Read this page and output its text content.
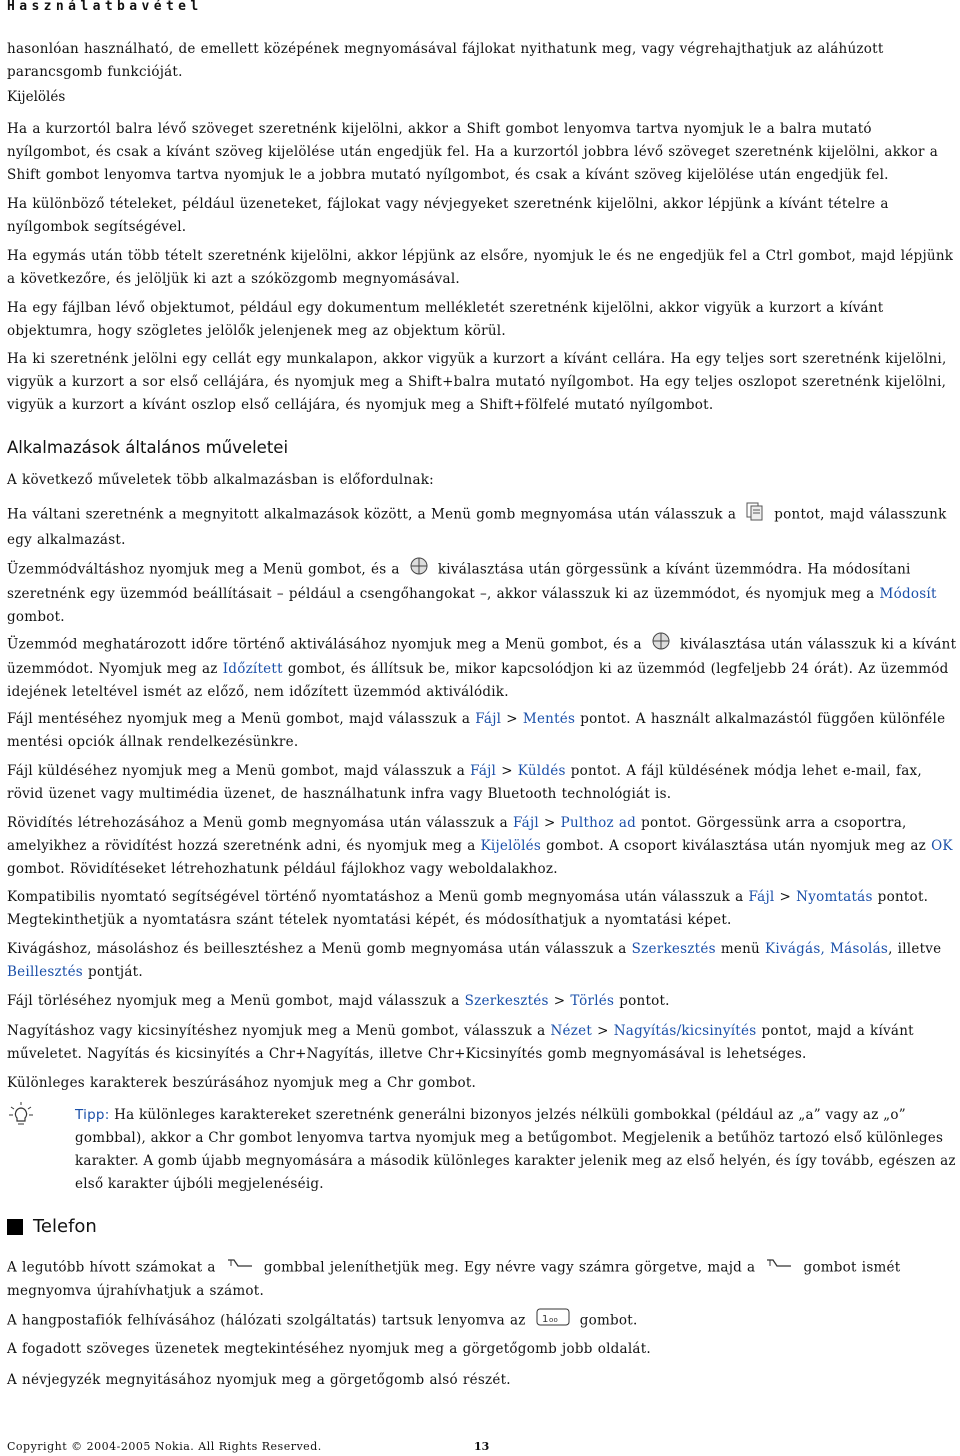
Használatbavétel

hasonlóan használható, de emellett középének megnyomásával fájlokat nyithatunk meg, vagy végrehajthatjuk az aláhúzott parancsgomb funkcióját.

Kijelölés

Ha a kurzortól balra lévő szöveget szeretnénk kijelölni, akkor a Shift gombot lenyomva tartva nyomjuk le a balra mutató nyílgombot, és csak a kívánt szöveg kijelölése után engedjük fel. Ha a kurzortól jobbra lévő szöveget szeretnénk kijelölni, akkor a Shift gombot lenyomva tartva nyomjuk le a jobbra mutató nyílgombot, és csak a kívánt szöveg kijelölése után engedjük fel.

Ha különböző tételeket, például üzeneteket, fájlokat vagy névjegyeket szeretnénk kijelölni, akkor lépjünk a kívánt tételre a nyílgombok segítségével.

Ha egymás után több tételt szeretnénk kijelölni, akkor lépjünk az elsőre, nyomjuk le és ne engedjük fel a Ctrl gombot, majd lépjünk a következőre, és jelöljük ki azt a szóközgomb megnyomásával.

Ha egy fájlban lévő objektumot, például egy dokumentum mellékletét szeretnénk kijelölni, akkor vigyük a kurzort a kívánt objektumra, hogy szögletes jelölők jelenjenek meg az objektum körül.

Ha ki szeretnénk jelölni egy cellát egy munkalapon, akkor vigyük a kurzort a kívánt cellára. Ha egy teljes sort szeretnénk kijelölni, vigyük a kurzort a sor első cellájára, és nyomjuk meg a Shift+balra mutató nyílgombot. Ha egy teljes oszlopot szeretnénk kijelölni, vigyük a kurzort a kívánt oszlop első cellájára, és nyomjuk meg a Shift+fölfelé mutató nyílgombot.

Alkalmazások általános műveletei

A következő műveletek több alkalmazásban is előfordulnak:

Ha váltani szeretnénk a megnyitott alkalmazások között, a Menü gomb megnyomása után válasszuk a	pontot, majd válasszunk egy alkalmazást.

Üzemmódváltáshoz nyomjuk meg a Menü gombot, és a	kiválasztása után görgessünk a kívánt üzemmódra. Ha módosítani szeretnénk egy üzemmód beállításait – például a csengőhangokat –, akkor válasszuk ki az üzemmódot, és nyomjuk meg a Módosít gombot.

Üzemmód meghatározott időre történő aktiválásához nyomjuk meg a Menü gombot, és a	kiválasztása után válasszuk ki a kívánt üzemmódot. Nyomjuk meg az Időzített gombot, és állítsuk be, mikor kapcsolódjon ki az üzemmód (legfeljebb 24 órát). Az üzemmód idejének leteltével ismét az előző, nem időzített üzemmód aktiválódik.

Fájl mentéséhez nyomjuk meg a Menü gombot, majd válasszuk a Fájl > Mentés pontot. A használt alkalmazástól függően különféle mentési opciók állnak rendelkezésünkre.

Fájl küldéséhez nyomjuk meg a Menü gombot, majd válasszuk a Fájl > Küldés pontot. A fájl küldésének módja lehet e-mail, fax, rövid üzenet vagy multimédia üzenet, de használhatunk infra vagy Bluetooth technológiát is.

Rövidítés létrehozásához a Menü gomb megnyomása után válasszuk a Fájl > Pulthoz ad pontot. Görgessünk arra a csoportra, amelyikhez a rövidítést hozzá szeretnénk adni, és nyomjuk meg a Kijelölés gombot. A csoport kiválasztása után nyomjuk meg az OK gombot. Rövidítéseket létrehozhatunk például fájlokhoz vagy weboldalakhoz.

Kompatibilis nyomtató segítségével történő nyomtatáshoz a Menü gomb megnyomása után válasszuk a Fájl > Nyomtatás pontot. Megtekinthetjük a nyomtatásra szánt tételek nyomtatási képét, és módosíthatjuk a nyomtatási képet.

Kivágáshoz, másoláshoz és beillesztéshez a Menü gomb megnyomása után válasszuk a Szerkesztés menü Kivágás, Másolás, illetve Beillesztés pontját.

Fájl törléséhez nyomjuk meg a Menü gombot, majd válasszuk a Szerkesztés > Törlés pontot.

Nagyításhoz vagy kicsinyítéshez nyomjuk meg a Menü gombot, válasszuk a Nézet > Nagyítás/kicsinyítés pontot, majd a kívánt műveletet. Nagyítás és kicsinyítés a Chr+Nagyítás, illetve Chr+Kicsinyítés gomb megnyomásával is lehetséges.

Különleges karakterek beszúrásához nyomjuk meg a Chr gombot.

Tipp: Ha különleges karaktereket szeretnénk generálni bizonyos jelzés nélküli gombokkal (például az „a” vagy az „o” gombbal), akkor a Chr gombot lenyomva tartva nyomjuk meg a betűgombot. Megjelenik a betűhöz tartozó első különleges karakter. A gomb újabb megnyomására a második különleges karakter jelenik meg az első helyén, és így tovább, egészen az első karakter újbóli megjelenéséig.

Telefon

A legutóbb hívott számokat a	gombbal jeleníthetjük meg. Egy névre vagy számra görgetve, majd a	gombot ismét megnyomva újrahívhatjuk a számot.

A hangpostafiók felhívásához (hálózati szolgáltatás) tartsuk lenyomva az 1 oo gombot.

A fogadott szöveges üzenetek megtekintéséhez nyomjuk meg a görgetőgomb jobb oldalát.

A névjegyzék megnyitásához nyomjuk meg a görgetőgomb alsó részét.

Copyright © 2004-2005 Nokia. All Rights Reserved.	13
